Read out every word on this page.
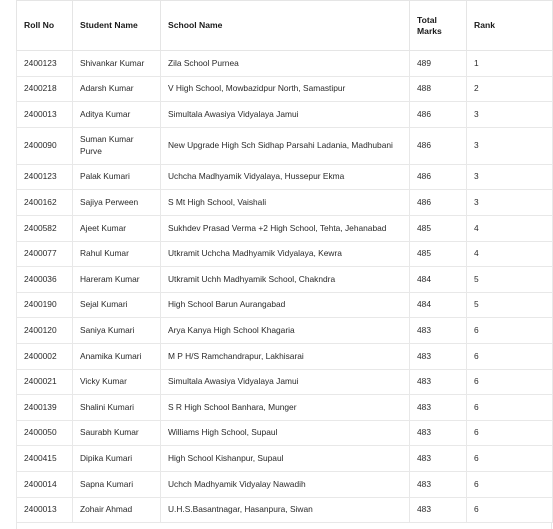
Roll No	Student Name	School Name	Total Marks	Rank
2400123	Shivankar Kumar	Zila School Purnea	489	1
2400218	Adarsh Kumar	V High School, Mowbazidpur North, Samastipur	488	2
2400013	Aditya Kumar	Simultala Awasiya Vidyalaya Jamui	486	3
2400090	Suman Kumar Purve	New Upgrade High Sch Sidhap Parsahi Ladania, Madhubani	486	3
2400123	Palak Kumari	Uchcha Madhyamik Vidyalaya, Hussepur Ekma	486	3
2400162	Sajiya Perween	S Mt High School, Vaishali	486	3
2400582	Ajeet Kumar	Sukhdev Prasad Verma +2 High School, Tehta, Jehanabad	485	4
2400077	Rahul Kumar	Utkramit Uchcha Madhyamik Vidyalaya, Kewra	485	4
2400036	Hareram Kumar	Utkramit Uchh Madhyamik School, Chakndra	484	5
2400190	Sejal Kumari	High School Barun Aurangabad	484	5
2400120	Saniya Kumari	Arya Kanya High School Khagaria	483	6
2400002	Anamika Kumari	M P H/S Ramchandrapur, Lakhisarai	483	6
2400021	Vicky Kumar	Simultala Awasiya Vidyalaya Jamui	483	6
2400139	Shalini Kumari	S R High School Banhara, Munger	483	6
2400050	Saurabh Kumar	Williams High School, Supaul	483	6
2400415	Dipika Kumari	High School Kishanpur, Supaul	483	6
2400014	Sapna Kumari	Uchch Madhyamik Vidyalay Nawadih	483	6
2400013	Zohair Ahmad	U.H.S.Basantnagar, Hasanpura, Siwan	483	6
